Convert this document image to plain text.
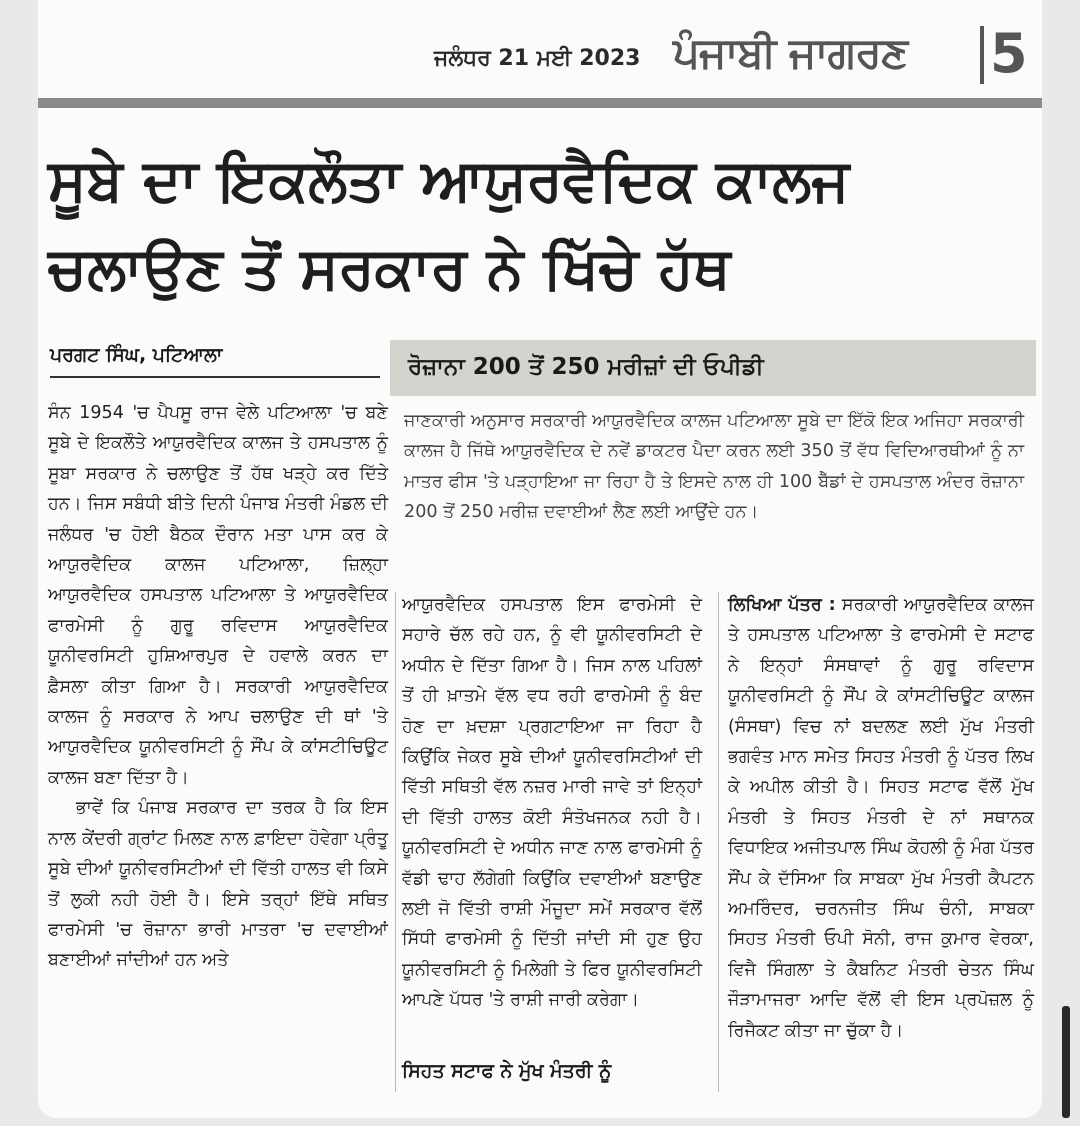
ਜਲੰਧਰ 21 ਮਈ 2023 ਪੰਜਾਬੀ ਜਾਗਰਣ 5
ਸੂਬੇ ਦਾ ਇਕਲੌਤਾ ਆਯੁਰਵੈਦਿਕ ਕਾਲਜ
ਚਲਾਉਣ ਤੋਂ ਸਰਕਾਰ ਨੇ ਖਿੱਚੇ ਹੱਥ
ਪਰਗਟ ਸਿੰਘ, ਪਟਿਆਲਾ
ਸੰਨ 1954 'ਚ ਪੈਪਸੂ ਰਾਜ ਵੇਲੇ ਪਟਿਆਲਾ 'ਚ ਬਣੇ ਸੂਬੇ ਦੇ ਇਕਲੌਤੇ ਆਯੁਰਵੈਦਿਕ ਕਾਲਜ ਤੇ ਹਸਪਤਾਲ ਨੂੰ ਸੂਬਾ ਸਰਕਾਰ ਨੇ ਚਲਾਉਣ ਤੋਂ ਹੱਥ ਖੜ੍ਹੇ ਕਰ ਦਿੱਤੇ ਹਨ। ਜਿਸ ਸਬੰਧੀ ਬੀਤੇ ਦਿਨੀ ਪੰਜਾਬ ਮੰਤਰੀ ਮੰਡਲ ਦੀ ਜਲੰਧਰ 'ਚ ਹੋਈ ਬੈਠਕ ਦੌਰਾਨ ਮਤਾ ਪਾਸ ਕਰ ਕੇ ਆਯੁਰਵੈਦਿਕ ਕਾਲਜ ਪਟਿਆਲਾ, ਜ਼ਿਲ੍ਹਾ ਆਯੁਰਵੈਦਿਕ ਹਸਪਤਾਲ ਪਟਿਆਲਾ ਤੇ ਆਯੁਰਵੈਦਿਕ ਫਾਰਮੇਸੀ ਨੂੰ ਗੁਰੂ ਰਵਿਦਾਸ ਆਯੁਰਵੈਦਿਕ ਯੂਨੀਵਰਸਿਟੀ ਹੁਸ਼ਿਆਰਪੁਰ ਦੇ ਹਵਾਲੇ ਕਰਨ ਦਾ ਫ਼ੈਸਲਾ ਕੀਤਾ ਗਿਆ ਹੈ। ਸਰਕਾਰੀ ਆਯੁਰਵੈਦਿਕ ਕਾਲਜ ਨੂੰ ਸਰਕਾਰ ਨੇ ਆਪ ਚਲਾਉਣ ਦੀ ਥਾਂ 'ਤੇ ਆਯੁਰਵੈਦਿਕ ਯੂਨੀਵਰਸਿਟੀ ਨੂੰ ਸੌਂਪ ਕੇ ਕਾਂਸਟੀਚਿਊਟ ਕਾਲਜ ਬਣਾ ਦਿੱਤਾ ਹੈ।
ਭਾਵੇਂ ਕਿ ਪੰਜਾਬ ਸਰਕਾਰ ਦਾ ਤਰਕ ਹੈ ਕਿ ਇਸ ਨਾਲ ਕੇਂਦਰੀ ਗ੍ਰਾਂਟ ਮਿਲਣ ਨਾਲ ਫ਼ਾਇਦਾ ਹੋਵੇਗਾ ਪ੍ਰੰਤੂ ਸੂਬੇ ਦੀਆਂ ਯੂਨੀਵਰਸਿਟੀਆਂ ਦੀ ਵਿੱਤੀ ਹਾਲਤ ਵੀ ਕਿਸੇ ਤੋਂ ਲੁਕੀ ਨਹੀ ਹੋਈ ਹੈ। ਇਸੇ ਤਰ੍ਹਾਂ ਇੱਥੇ ਸਥਿਤ ਫਾਰਮੇਸੀ 'ਚ ਰੋਜ਼ਾਨਾ ਭਾਰੀ ਮਾਤਰਾ 'ਚ ਦਵਾਈਆਂ ਬਣਾਈਆਂ ਜਾਂਦੀਆਂ ਹਨ ਅਤੇ
ਰੋਜ਼ਾਨਾ 200 ਤੋਂ 250 ਮਰੀਜ਼ਾਂ ਦੀ ਓਪੀਡੀ
ਜਾਣਕਾਰੀ ਅਨੁਸਾਰ ਸਰਕਾਰੀ ਆਯੁਰਵੈਦਿਕ ਕਾਲਜ ਪਟਿਆਲਾ ਸੂਬੇ ਦਾ ਇੱਕੋ ਇਕ ਅਜਿਹਾ ਸਰਕਾਰੀ ਕਾਲਜ ਹੈ ਜਿੱਥੇ ਆਯੁਰਵੈਦਿਕ ਦੇ ਨਵੇਂ ਡਾਕਟਰ ਪੈਦਾ ਕਰਨ ਲਈ 350 ਤੋਂ ਵੱਧ ਵਿਦਿਆਰਥੀਆਂ ਨੂੰ ਨਾ ਮਾਤਰ ਫੀਸ 'ਤੇ ਪੜ੍ਹਾਇਆ ਜਾ ਰਿਹਾ ਹੈ ਤੇ ਇਸਦੇ ਨਾਲ ਹੀ 100 ਬੈੱਡਾਂ ਦੇ ਹਸਪਤਾਲ ਅੰਦਰ ਰੋਜ਼ਾਨਾ 200 ਤੋਂ 250 ਮਰੀਜ਼ ਦਵਾਈਆਂ ਲੈਣ ਲਈ ਆਉਂਦੇ ਹਨ।
ਆਯੁਰਵੈਦਿਕ ਹਸਪਤਾਲ ਇਸ ਫਾਰਮੇਸੀ ਦੇ ਸਹਾਰੇ ਚੱਲ ਰਹੇ ਹਨ, ਨੂੰ ਵੀ ਯੂਨੀਵਰਸਿਟੀ ਦੇ ਅਧੀਨ ਦੇ ਦਿੱਤਾ ਗਿਆ ਹੈ। ਜਿਸ ਨਾਲ ਪਹਿਲਾਂ ਤੋਂ ਹੀ ਖ਼ਾਤਮੇ ਵੱਲ ਵਧ ਰਹੀ ਫਾਰਮੇਸੀ ਨੂੰ ਬੰਦ ਹੋਣ ਦਾ ਖ਼ਦਸ਼ਾ ਪ੍ਰਗਟਾਇਆ ਜਾ ਰਿਹਾ ਹੈ ਕਿਉਂਕਿ ਜੇਕਰ ਸੂਬੇ ਦੀਆਂ ਯੂਨੀਵਰਸਿਟੀਆਂ ਦੀ ਵਿੱਤੀ ਸਥਿਤੀ ਵੱਲ ਨਜ਼ਰ ਮਾਰੀ ਜਾਵੇ ਤਾਂ ਇਨ੍ਹਾਂ ਦੀ ਵਿੱਤੀ ਹਾਲਤ ਕੋਈ ਸੰਤੋਖਜਨਕ ਨਹੀ ਹੈ। ਯੂਨੀਵਰਸਿਟੀ ਦੇ ਅਧੀਨ ਜਾਣ ਨਾਲ ਫਾਰਮੇਸੀ ਨੂੰ ਵੱਡੀ ਢਾਹ ਲੱਗੇਗੀ ਕਿਉਂਕਿ ਦਵਾਈਆਂ ਬਣਾਉਣ ਲਈ ਜੋ ਵਿੱਤੀ ਰਾਸ਼ੀ ਮੌਜੂਦਾ ਸਮੇਂ ਸਰਕਾਰ ਵੱਲੋਂ ਸਿੱਧੀ ਫਾਰਮੇਸੀ ਨੂੰ ਦਿੱਤੀ ਜਾਂਦੀ ਸੀ ਹੁਣ ਉਹ ਯੂਨੀਵਰਸਿਟੀ ਨੂੰ ਮਿਲੇਗੀ ਤੇ ਫਿਰ ਯੂਨੀਵਰਸਿਟੀ ਆਪਣੇ ਪੱਧਰ 'ਤੇ ਰਾਸ਼ੀ ਜਾਰੀ ਕਰੇਗਾ।
ਸਿਹਤ ਸਟਾਫ ਨੇ ਮੁੱਖ ਮੰਤਰੀ ਨੂੰ
ਲਿਖਿਆ ਪੱਤਰ : ਸਰਕਾਰੀ ਆਯੁਰਵੈਦਿਕ ਕਾਲਜ ਤੇ ਹਸਪਤਾਲ ਪਟਿਆਲਾ ਤੇ ਫਾਰਮੇਸੀ ਦੇ ਸਟਾਫ ਨੇ ਇਨ੍ਹਾਂ ਸੰਸਥਾਵਾਂ ਨੂੰ ਗੁਰੂ ਰਵਿਦਾਸ ਯੂਨੀਵਰਸਿਟੀ ਨੂੰ ਸੌਂਪ ਕੇ ਕਾਂਸਟੀਚਿਊਟ ਕਾਲਜ (ਸੰਸਥਾ) ਵਿਚ ਨਾਂ ਬਦਲਣ ਲਈ ਮੁੱਖ ਮੰਤਰੀ ਭਗਵੰਤ ਮਾਨ ਸਮੇਤ ਸਿਹਤ ਮੰਤਰੀ ਨੂੰ ਪੱਤਰ ਲਿਖ ਕੇ ਅਪੀਲ ਕੀਤੀ ਹੈ। ਸਿਹਤ ਸਟਾਫ ਵੱਲੋਂ ਮੁੱਖ ਮੰਤਰੀ ਤੇ ਸਿਹਤ ਮੰਤਰੀ ਦੇ ਨਾਂ ਸਥਾਨਕ ਵਿਧਾਇਕ ਅਜੀਤਪਾਲ ਸਿੰਘ ਕੋਹਲੀ ਨੂੰ ਮੰਗ ਪੱਤਰ ਸੌਂਪ ਕੇ ਦੱਸਿਆ ਕਿ ਸਾਬਕਾ ਮੁੱਖ ਮੰਤਰੀ ਕੈਪਟਨ ਅਮਰਿੰਦਰ, ਚਰਨਜੀਤ ਸਿੰਘ ਚੰਨੀ, ਸਾਬਕਾ ਸਿਹਤ ਮੰਤਰੀ ਓਪੀ ਸੋਨੀ, ਰਾਜ ਕੁਮਾਰ ਵੇਰਕਾ, ਵਿਜੈ ਸਿੰਗਲਾ ਤੇ ਕੈਬਨਿਟ ਮੰਤਰੀ ਚੇਤਨ ਸਿੰਘ ਜੌੜਾਮਾਜਰਾ ਆਦਿ ਵੱਲੋਂ ਵੀ ਇਸ ਪ੍ਰਪੋਜ਼ਲ ਨੂੰ ਰਿਜੈਕਟ ਕੀਤਾ ਜਾ ਚੁੱਕਾ ਹੈ।
